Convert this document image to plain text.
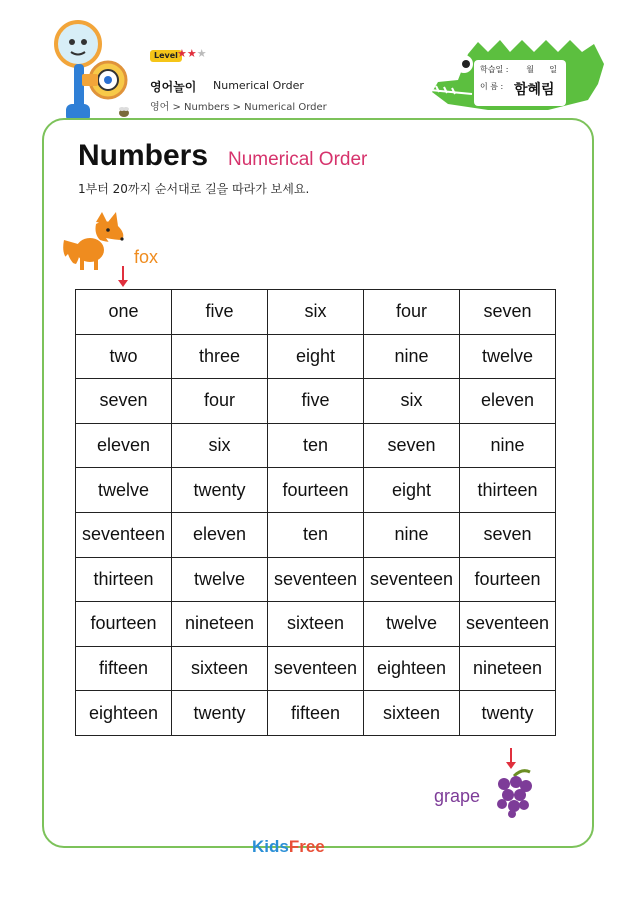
Level ★★★
영어놀이 Numerical Order
영어 > Numbers > Numerical Order
학습일 : 월 일
이 름 : 함혜림
Numbers Numerical Order
1부터 20까지 순서대로 길을 따라가 보세요.
fox
one	five	six	four	seven
two	three	eight	nine	twelve
seven	four	five	six	eleven
eleven	six	ten	seven	nine
twelve	twenty	fourteen	eight	thirteen
seventeen	eleven	ten	nine	seven
thirteen	twelve	seventeen	seventeen	fourteen
fourteen	nineteen	sixteen	twelve	seventeen
fifteen	sixteen	seventeen	eighteen	nineteen
eighteen	twenty	fifteen	sixteen	twenty
grape
KidsFree
